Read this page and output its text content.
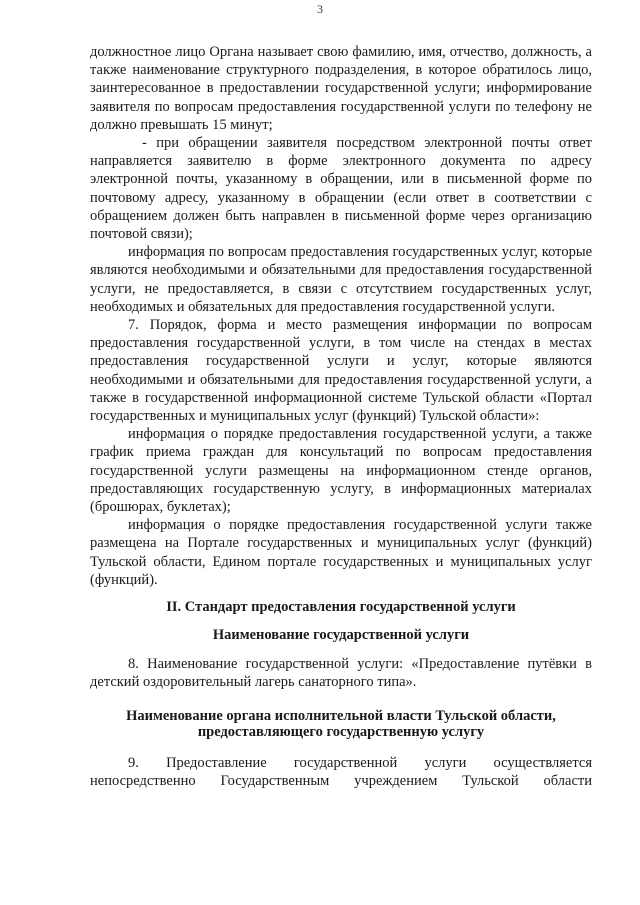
3

должностное лицо Органа называет свою фамилию, имя, отчество, должность, а также наименование структурного подразделения, в которое обратилось лицо, заинтересованное в предоставлении государственной услуги; информирование заявителя по вопросам предоставления государственной услуги по телефону не должно превышать 15 минут;

- при обращении заявителя посредством электронной почты ответ направляется заявителю в форме электронного документа по адресу электронной почты, указанному в обращении, или в письменной форме по почтовому адресу, указанному в обращении (если ответ в соответствии с обращением должен быть направлен в письменной форме через организацию почтовой связи);

информация по вопросам предоставления государственных услуг, которые являются необходимыми и обязательными для предоставления государственной услуги, не предоставляется, в связи с отсутствием государственных услуг, необходимых и обязательных для предоставления государственной услуги.

7. Порядок, форма и место размещения информации по вопросам предоставления государственной услуги, в том числе на стендах в местах предоставления государственной услуги и услуг, которые являются необходимыми и обязательными для предоставления государственной услуги, а также в государственной информационной системе Тульской области «Портал государственных и муниципальных услуг (функций) Тульской области»:

информация о порядке предоставления государственной услуги, а также график приема граждан для консультаций по вопросам предоставления государственной услуги размещены на информационном стенде органов, предоставляющих государственную услугу, в информационных материалах (брошюрах, буклетах);

информация о порядке предоставления государственной услуги также размещена на Портале государственных и муниципальных услуг (функций) Тульской области, Едином портале государственных и муниципальных услуг (функций).

II. Стандарт предоставления государственной услуги
Наименование государственной услуги

8. Наименование государственной услуги: «Предоставление путёвки в детский оздоровительный лагерь санаторного типа».

Наименование органа исполнительной власти Тульской области,
предоставляющего государственную услугу

9. Предоставление государственной услуги осуществляется непосредственно Государственным учреждением Тульской области
